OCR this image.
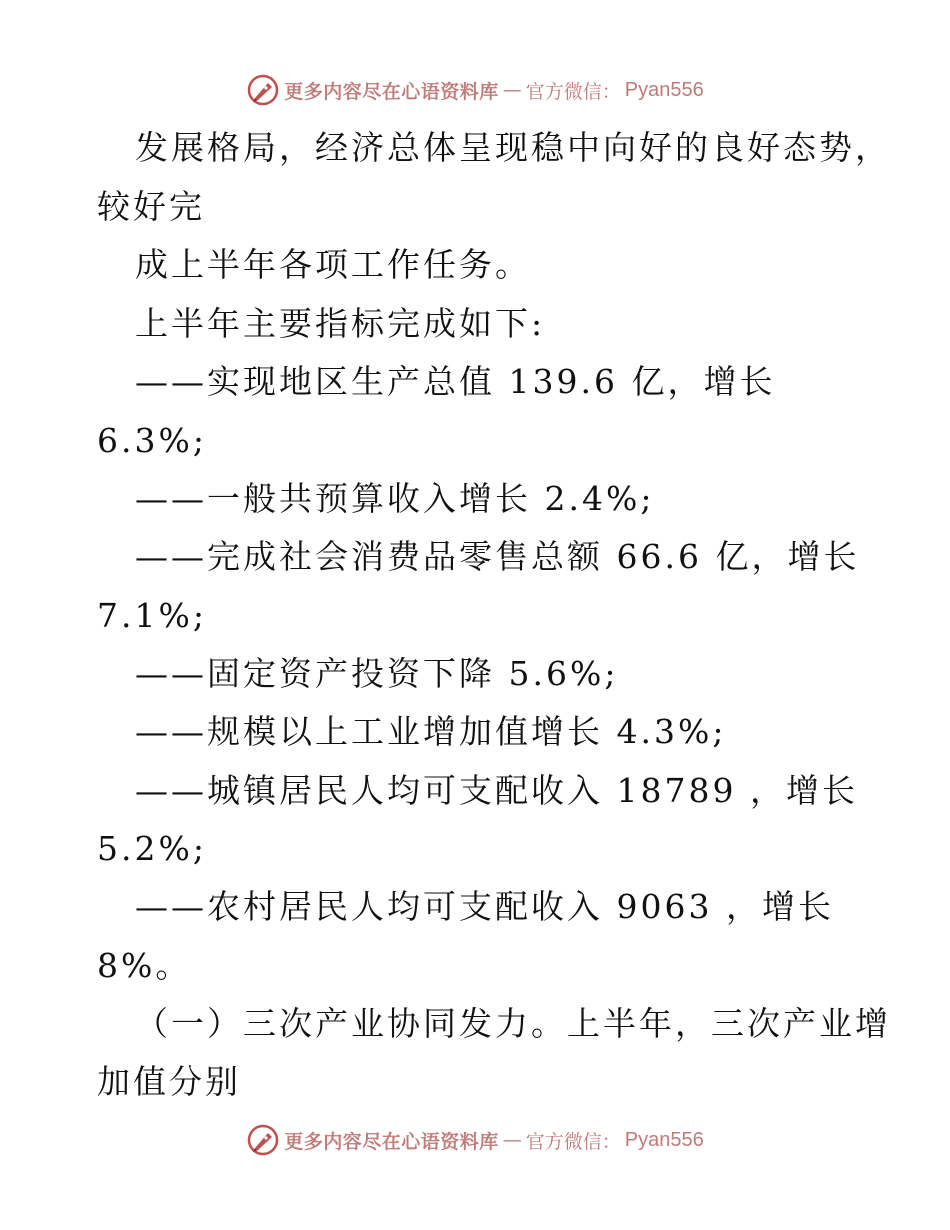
更多内容尽在心语资料库 — 官方微信： Pyan556
发展格局，经济总体呈现稳中向好的良好态势，
较好完
成上半年各项工作任务。
上半年主要指标完成如下:
——实现地区生产总值 139.6 亿，增长
6.3%;
——一般共预算收入增长 2.4%;
——完成社会消费品零售总额 66.6 亿，增长
7.1%;
——固定资产投资下降 5.6%;
——规模以上工业增加值增长 4.3%;
——城镇居民人均可支配收入 18789 ，增长
5.2%;
——农村居民人均可支配收入 9063 ，增长
8%。
（一）三次产业协同发力。上半年，三次产业增
加值分别
更多内容尽在心语资料库 — 官方微信： Pyan556
